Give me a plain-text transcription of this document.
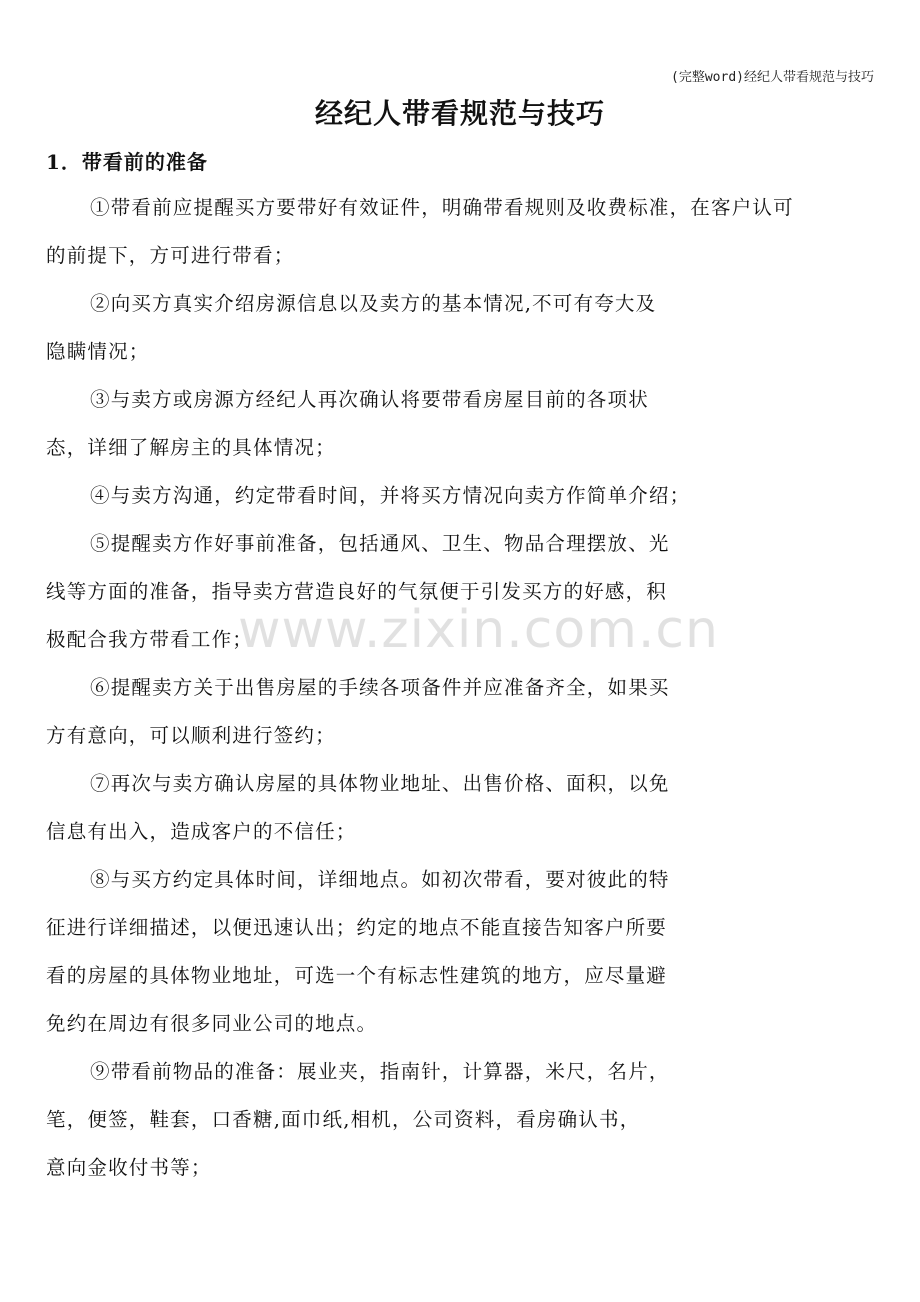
(完整word)经纪人带看规范与技巧
经纪人带看规范与技巧
1．带看前的准备
①带看前应提醒买方要带好有效证件，明确带看规则及收费标准，在客户认可
的前提下，方可进行带看；
②向买方真实介绍房源信息以及卖方的基本情况,不可有夸大及
隐瞒情况；
③与卖方或房源方经纪人再次确认将要带看房屋目前的各项状
态，详细了解房主的具体情况；
④与卖方沟通，约定带看时间，并将买方情况向卖方作简单介绍；
⑤提醒卖方作好事前准备，包括通风、卫生、物品合理摆放、光
线等方面的准备，指导卖方营造良好的气氛便于引发买方的好感，积
极配合我方带看工作；
⑥提醒卖方关于出售房屋的手续各项备件并应准备齐全，如果买
方有意向，可以顺利进行签约；
⑦再次与卖方确认房屋的具体物业地址、出售价格、面积，以免
信息有出入，造成客户的不信任；
⑧与买方约定具体时间，详细地点。如初次带看，要对彼此的特
征进行详细描述，以便迅速认出；约定的地点不能直接告知客户所要
看的房屋的具体物业地址，可选一个有标志性建筑的地方，应尽量避
免约在周边有很多同业公司的地点。
⑨带看前物品的准备：展业夹，指南针，计算器，米尺，名片，
笔，便签，鞋套，口香糖,面巾纸,相机，公司资料，看房确认书，
意向金收付书等；
www.zixin.com.cn
